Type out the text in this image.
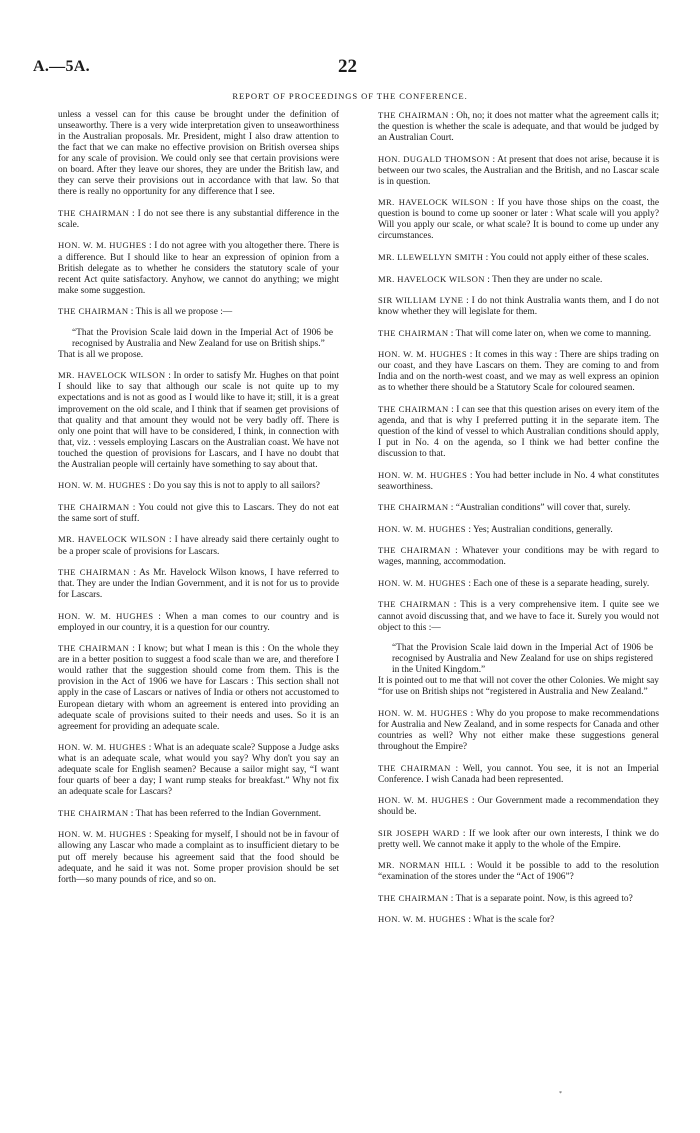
A.—5A.	22
REPORT OF PROCEEDINGS OF THE CONFERENCE.

unless a vessel can for this cause be brought under the definition of unseaworthy. There is a very wide interpretation given to unseaworthiness in the Australian proposals. Mr. President, might I also draw attention to the fact that we can make no effective provision on British oversea ships for any scale of provision. We could only see that certain provisions were on board. After they leave our shores, they are under the British law, and they can serve their provisions out in accordance with that law. So that there is really no opportunity for any difference that I see.

THE CHAIRMAN : I do not see there is any substantial difference in the scale.

HON. W. M. HUGHES : I do not agree with you altogether there. There is a difference. But I should like to hear an expression of opinion from a British delegate as to whether he considers the statutory scale of your recent Act quite satisfactory. Anyhow, we cannot do anything; we might make some suggestion.

THE CHAIRMAN : This is all we propose :—

“That the Provision Scale laid down in the Imperial Act of 1906 be recognised by Australia and New Zealand for use on British ships.”

That is all we propose.

MR. HAVELOCK WILSON : In order to satisfy Mr. Hughes on that point I should like to say that although our scale is not quite up to my expectations and is not as good as I would like to have it; still, it is a great improvement on the old scale, and I think that if seamen get provisions of that quality and that amount they would not be very badly off. There is only one point that will have to be considered, I think, in connection with that, viz. : vessels employing Lascars on the Australian coast. We have not touched the question of provisions for Lascars, and I have no doubt that the Australian people will certainly have something to say about that.

HON. W. M. HUGHES : Do you say this is not to apply to all sailors?

THE CHAIRMAN : You could not give this to Lascars. They do not eat the same sort of stuff.

MR. HAVELOCK WILSON : I have already said there certainly ought to be a proper scale of provisions for Lascars.

THE CHAIRMAN : As Mr. Havelock Wilson knows, I have referred to that. They are under the Indian Government, and it is not for us to provide for Lascars.

HON. W. M. HUGHES : When a man comes to our country and is employed in our country, it is a question for our country.

THE CHAIRMAN : I know; but what I mean is this : On the whole they are in a better position to suggest a food scale than we are, and therefore I would rather that the suggestion should come from them. This is the provision in the Act of 1906 we have for Lascars : This section shall not apply in the case of Lascars or natives of India or others not accustomed to European dietary with whom an agreement is entered into providing an adequate scale of provisions suited to their needs and uses. So it is an agreement for providing an adequate scale.

HON. W. M. HUGHES : What is an adequate scale? Suppose a Judge asks what is an adequate scale, what would you say? Why don't you say an adequate scale for English seamen? Because a sailor might say, “I want four quarts of beer a day; I want rump steaks for breakfast.” Why not fix an adequate scale for Lascars?

THE CHAIRMAN : That has been referred to the Indian Government.

HON. W. M. HUGHES : Speaking for myself, I should not be in favour of allowing any Lascar who made a complaint as to insufficient dietary to be put off merely because his agreement said that the food should be adequate, and he said it was not. Some proper provision should be set forth—so many pounds of rice, and so on.

THE CHAIRMAN : Oh, no; it does not matter what the agreement calls it; the question is whether the scale is adequate, and that would be judged by an Australian Court.

HON. DUGALD THOMSON : At present that does not arise, because it is between our two scales, the Australian and the British, and no Lascar scale is in question.

MR. HAVELOCK WILSON : If you have those ships on the coast, the question is bound to come up sooner or later : What scale will you apply? Will you apply our scale, or what scale? It is bound to come up under any circumstances.

MR. LLEWELLYN SMITH : You could not apply either of these scales.

MR. HAVELOCK WILSON : Then they are under no scale.

SIR WILLIAM LYNE : I do not think Australia wants them, and I do not know whether they will legislate for them.

THE CHAIRMAN : That will come later on, when we come to manning.

HON. W. M. HUGHES : It comes in this way : There are ships trading on our coast, and they have Lascars on them. They are coming to and from India and on the north-west coast, and we may as well express an opinion as to whether there should be a Statutory Scale for coloured seamen.

THE CHAIRMAN : I can see that this question arises on every item of the agenda, and that is why I preferred putting it in the separate item. The question of the kind of vessel to which Australian conditions should apply, I put in No. 4 on the agenda, so I think we had better confine the discussion to that.

HON. W. M. HUGHES : You had better include in No. 4 what constitutes seaworthiness.

THE CHAIRMAN : “Australian conditions” will cover that, surely.

HON. W. M. HUGHES : Yes; Australian conditions, generally.

THE CHAIRMAN : Whatever your conditions may be with regard to wages, manning, accommodation.

HON. W. M. HUGHES : Each one of these is a separate heading, surely.

THE CHAIRMAN : This is a very comprehensive item. I quite see we cannot avoid discussing that, and we have to face it. Surely you would not object to this :—

“That the Provision Scale laid down in the Imperial Act of 1906 be recognised by Australia and New Zealand for use on ships registered in the United Kingdom.”

It is pointed out to me that will not cover the other Colonies. We might say “for use on British ships not “registered in Australia and New Zealand.”

HON. W. M. HUGHES : Why do you propose to make recommendations for Australia and New Zealand, and in some respects for Canada and other countries as well? Why not either make these suggestions general throughout the Empire?

THE CHAIRMAN : Well, you cannot. You see, it is not an Imperial Conference. I wish Canada had been represented.

HON. W. M. HUGHES : Our Government made a recommendation they should be.

SIR JOSEPH WARD : If we look after our own interests, I think we do pretty well. We cannot make it apply to the whole of the Empire.

MR. NORMAN HILL : Would it be possible to add to the resolution “examination of the stores under the “Act of 1906”?

THE CHAIRMAN : That is a separate point. Now, is this agreed to?

HON. W. M. HUGHES : What is the scale for?

*
